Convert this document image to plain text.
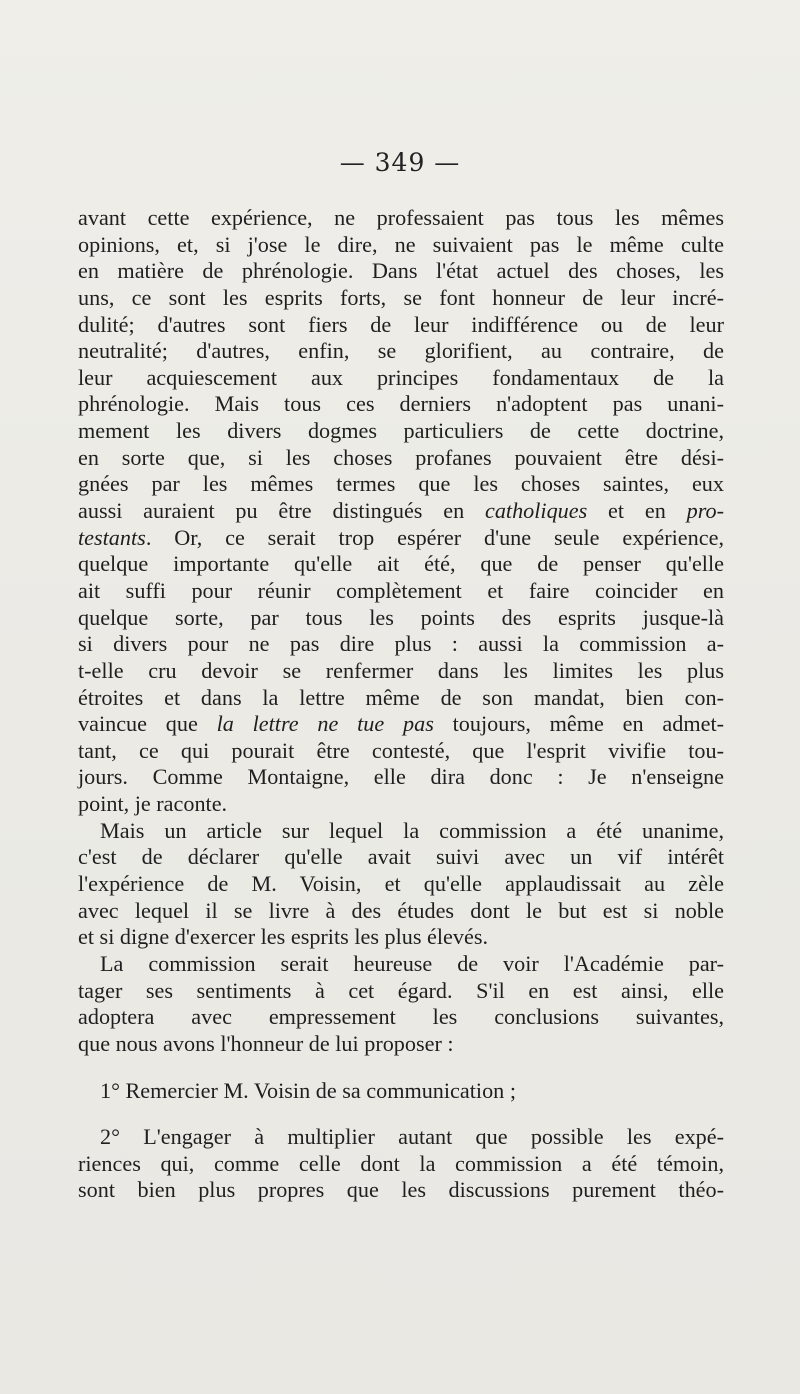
— 349 —

avant cette expérience, ne professaient pas tous les mêmes
opinions, et, si j'ose le dire, ne suivaient pas le même culte
en matière de phrénologie. Dans l'état actuel des choses, les
uns, ce sont les esprits forts, se font honneur de leur incré-
dulité; d'autres sont fiers de leur indifférence ou de leur
neutralité; d'autres, enfin, se glorifient, au contraire, de
leur acquiescement aux principes fondamentaux de la
phrénologie. Mais tous ces derniers n'adoptent pas unani-
mement les divers dogmes particuliers de cette doctrine,
en sorte que, si les choses profanes pouvaient être dési-
gnées par les mêmes termes que les choses saintes, eux
aussi auraient pu être distingués en catholiques et en pro-
testants. Or, ce serait trop espérer d'une seule expérience,
quelque importante qu'elle ait été, que de penser qu'elle
ait suffi pour réunir complètement et faire coincider en
quelque sorte, par tous les points des esprits jusque-là
si divers pour ne pas dire plus : aussi la commission a-
t-elle cru devoir se renfermer dans les limites les plus
étroites et dans la lettre même de son mandat, bien con-
vaincue que la lettre ne tue pas toujours, même en admet-
tant, ce qui pourait être contesté, que l'esprit vivifie tou-
jours. Comme Montaigne, elle dira donc : Je n'enseigne
point, je raconte.

Mais un article sur lequel la commission a été unanime,
c'est de déclarer qu'elle avait suivi avec un vif intérêt
l'expérience de M. Voisin, et qu'elle applaudissait au zèle
avec lequel il se livre à des études dont le but est si noble
et si digne d'exercer les esprits les plus élevés.

La commission serait heureuse de voir l'Académie par-
tager ses sentiments à cet égard. S'il en est ainsi, elle
adoptera avec empressement les conclusions suivantes,
que nous avons l'honneur de lui proposer :

1° Remercier M. Voisin de sa communication ;

2° L'engager à multiplier autant que possible les expé-
riences qui, comme celle dont la commission a été témoin,
sont bien plus propres que les discussions purement théo-
